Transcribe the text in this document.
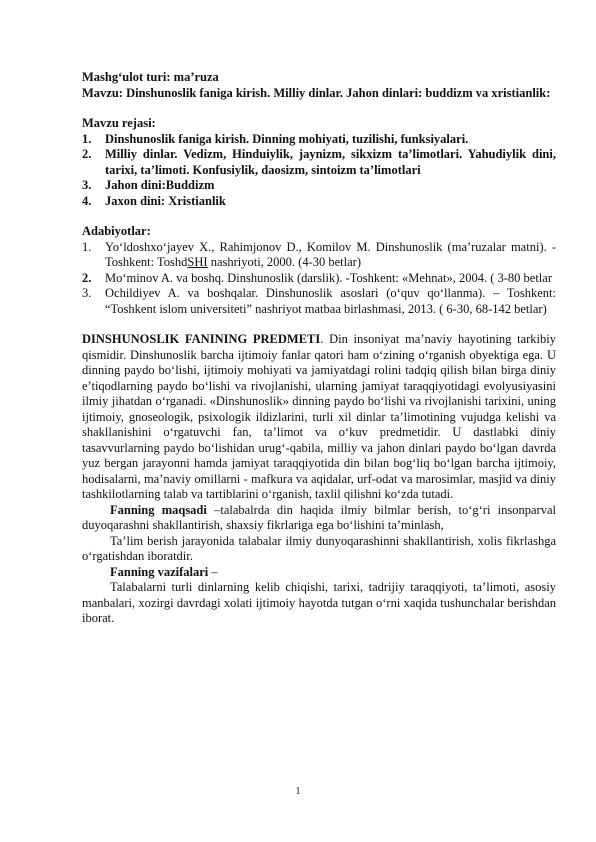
Mashg‘ulot turi: ma’ruza
Mavzu: Dinshunoslik faniga kirish. Milliy dinlar. Jahon dinlari: buddizm va xristianlik:
Mavzu rejasi:
1. Dinshunoslik faniga kirish. Dinning mohiyati, tuzilishi, funksiyalari.
2. Milliy dinlar. Vedizm, Hinduiylik, jaynizm, sikxizm ta’limotlari. Yahudiylik dini, tarixi, ta’limoti. Konfusiylik, daosizm, sintoizm ta’limotlari
3. Jahon dini:Buddizm
4. Jaxon dini: Xristianlik
Adabiyotlar:
1. Yo‘ldoshxo‘jayev X., Rahimjonov D., Komilov M. Dinshunoslik (ma’ruzalar matni). - Toshkent: ToshdSHI nashriyoti, 2000. (4-30 betlar)
2. Mo‘minov A. va boshq. Dinshunoslik (darslik). -Toshkent: «Mehnat», 2004. ( 3-80 betlar
3. Ochildiyev A. va boshqalar. Dinshunoslik asoslari (o‘quv qo‘llanma). – Toshkent: “Toshkent islom universiteti” nashriyot matbaa birlashmasi, 2013. ( 6-30, 68-142 betlar)

DINSHUNOSLIK FANINING PREDMETI. Din insoniyat ma’naviy hayotining tarkibiy qismidir. Dinshunoslik barcha ijtimoiy fanlar qatori ham o‘zining o‘rganish obyektiga ega. U dinning paydo bo‘lishi, ijtimoiy mohiyati va jamiyatdagi rolini tadqiq qilish bilan birga diniy e’tiqodlarning paydo bo‘lishi va rivojlanishi, ularning jamiyat taraqqiyotidagi evolyusiyasini ilmiy jihatdan o‘rganadi. «Dinshunoslik» dinning paydo bo‘lishi va rivojlanishi tarixini, uning ijtimoiy, gnoseologik, psixologik ildizlarini, turli xil dinlar ta’limotining vujudga kelishi va shakllanishini o‘rgatuvchi fan, ta’limot va o‘kuv predmetidir. U dastlabki diniy tasavvurlarning paydo bo‘lishidan urug‘-qabila, milliy va jahon dinlari paydo bo‘lgan davrda yuz bergan jarayonni hamda jamiyat taraqqiyotida din bilan bog‘liq bo‘lgan barcha ijtimoiy, hodisalarni, ma’naviy omillarni - mafkura va aqidalar, urf-odat va marosimlar, masjid va diniy tashkilotlarning talab va tartiblarini o‘rganish, taxlil qilishni ko‘zda tutadi.

Fanning maqsadi –talabalrda din haqida ilmiy bilmlar berish, to‘g‘ri insonparval duyoqarashni shakllantirish, shaxsiy fikrlariga ega bo‘lishini ta’minlash,

Ta’lim berish jarayonida talabalar ilmiy dunyoqarashinni shakllantirish, xolis fikrlashga o‘rgatishdan iboratdir.

Fanning vazifalari –

Talabalarni turli dinlarning kelib chiqishi, tarixi, tadrijiy taraqqiyoti, ta’limoti, asosiy manbalari, xozirgi davrdagi xolati ijtimoiy hayotda tutgan o‘rni xaqida tushunchalar berishdan iborat.

1
